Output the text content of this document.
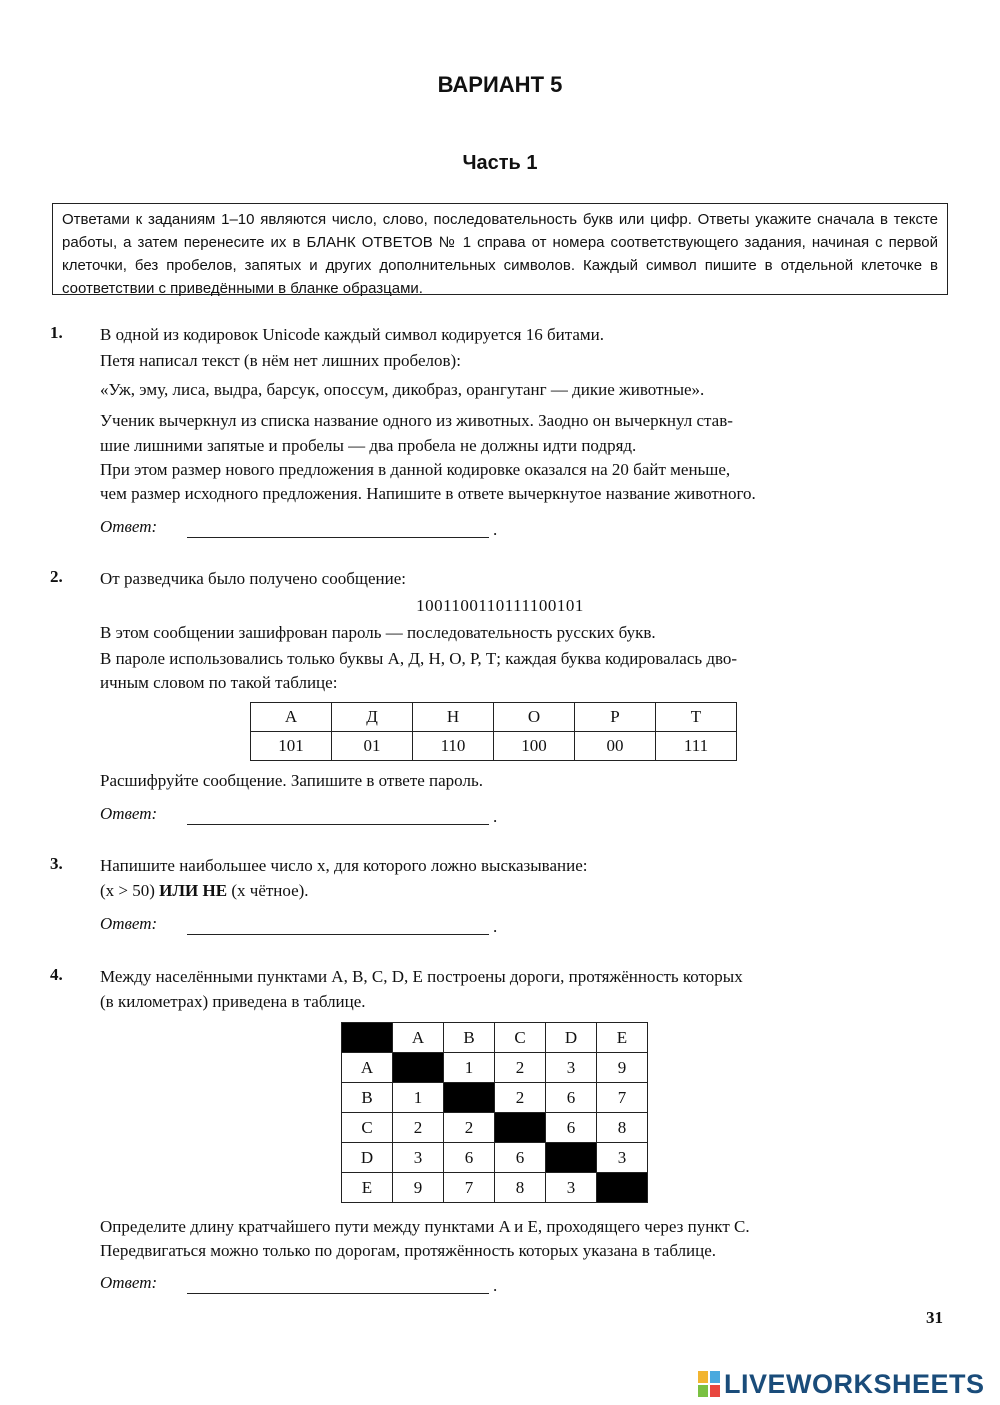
ВАРИАНТ 5
Часть 1
Ответами к заданиям 1–10 являются число, слово, последовательность букв или цифр. Ответы укажите сначала в тексте работы, а затем перенесите их в БЛАНК ОТВЕТОВ № 1 справа от номера соответствующего задания, начиная с первой клеточки, без пробелов, запятых и других дополнительных символов. Каждый символ пишите в отдельной клеточке в соответствии с приведёнными в бланке образцами.
1. В одной из кодировок Unicode каждый символ кодируется 16 битами.
Петя написал текст (в нём нет лишних пробелов):
«Уж, эму, лиса, выдра, барсук, опоссум, дикобраз, орангутанг — дикие животные».
Ученик вычеркнул из списка название одного из животных. Заодно он вычеркнул став-
шие лишними запятые и пробелы — два пробела не должны идти подряд.
При этом размер нового предложения в данной кодировке оказался на 20 байт меньше,
чем размер исходного предложения. Напишите в ответе вычеркнутое название животного.
Ответ:	.
2. От разведчика было получено сообщение:
1001100110111100101
В этом сообщении зашифрован пароль — последовательность русских букв.
В пароле использовались только буквы А, Д, Н, О, Р, Т; каждая буква кодировалась дво-
ичным словом по такой таблице:
А	Д	Н	О	Р	Т
101	01	110	100	00	111
Расшифруйте сообщение. Запишите в ответе пароль.
Ответ:	.
3. Напишите наибольшее число x, для которого ложно высказывание:
(x > 50) ИЛИ НЕ (x чётное).
Ответ:	.
4. Между населёнными пунктами A, B, C, D, E построены дороги, протяжённость которых
(в километрах) приведена в таблице.
	A	B	C	D	E
A		1	2	3	9
B	1		2	6	7
C	2	2		6	8
D	3	6	6		3
E	9	7	8	3	
Определите длину кратчайшего пути между пунктами A и E, проходящего через пункт C.
Передвигаться можно только по дорогам, протяжённость которых указана в таблице.
Ответ:	.
31
LIVEWORKSHEETS
